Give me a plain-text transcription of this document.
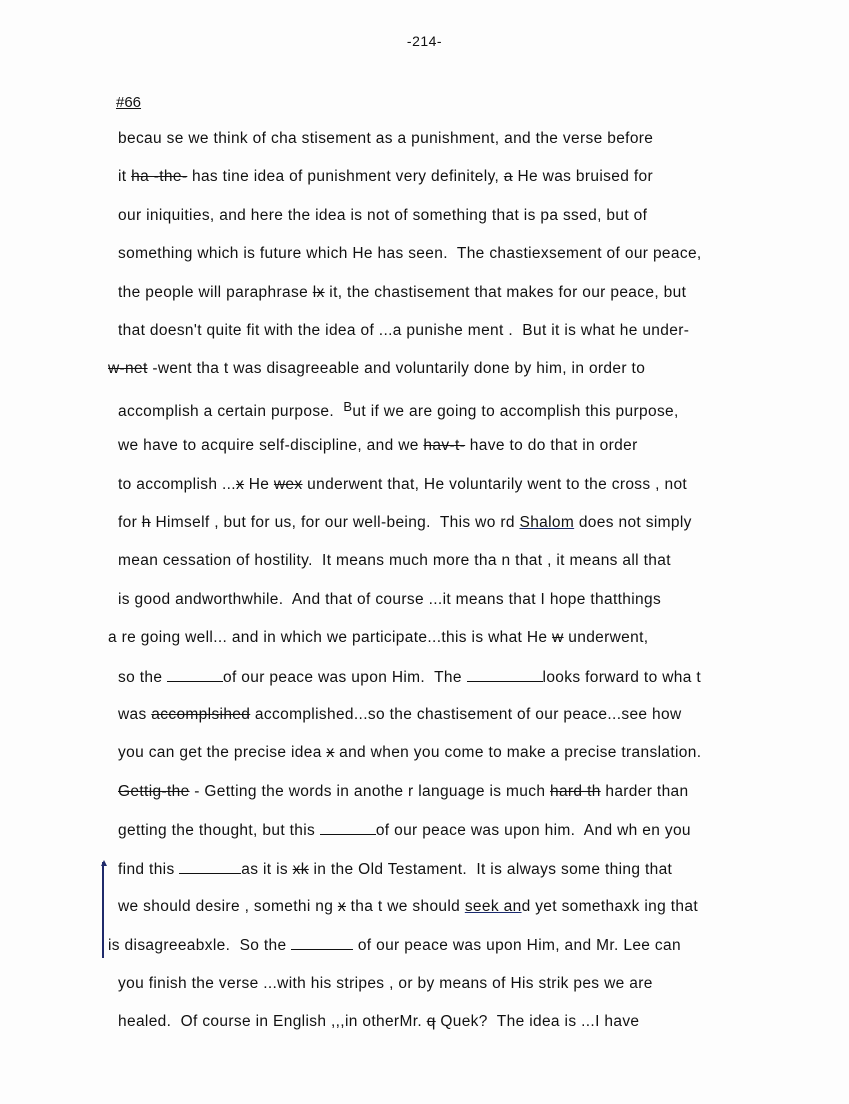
-214-
#66
becau se we think of cha stisement as a punishment, and the verse before
it ha -the- has tine idea of punishment very definitely, a He was bruised for
our iniquities, and here the idea is not of something that is pa ssed, but of
something which is future which He has seen.  The chastiexsement of our peace,
the people will paraphrase lx it, the chastisement that makes for our peace, but
that doesn't quite fit with the idea of ...a punishe ment .  But it is what he under-
w-net -went tha t was disagreeable and voluntarily done by him, in order to
accomplish a certain purpose.  $^B$ut if we are going to accomplish this purpose,
we have to acquire self-discipline, and we hav-t- have to do that in order
to accomplish ...x He wex underwent that, He voluntarily went to the cross , not
for h Himself , but for us, for our well-being.  This wo rd Shalom does not simply
mean cessation of hostility.  It means much more tha n that , it means all that
is good andworthwhile.  And that of course ...it means that I hope thatthings
a re going well... and in which we participate...this is what He w underwent,
so the	of our peace was upon Him.  The	looks forward to wha t
was accomplsihed accomplished...so the chastisement of our peace...see how
you can get the precise idea x and when you come to make a precise translation.
Gettig-the - Getting the words in anothe r language is much hard th harder than
getting the thought, but this	of our peace was upon him.  And wh en you
find this	as it is xk in the Old Testament.  It is always some thing that
we should desire , somethi ng x tha t we should seek and yet somethaxk ing that
is disagreeabxle.  So the	of our peace was upon Him, and Mr. Lee can
you finish the verse ...with his stripes , or by means of His strik pes we are
healed.  Of course in English ,,,in otherMr. q Quek?  The idea is ...I have
